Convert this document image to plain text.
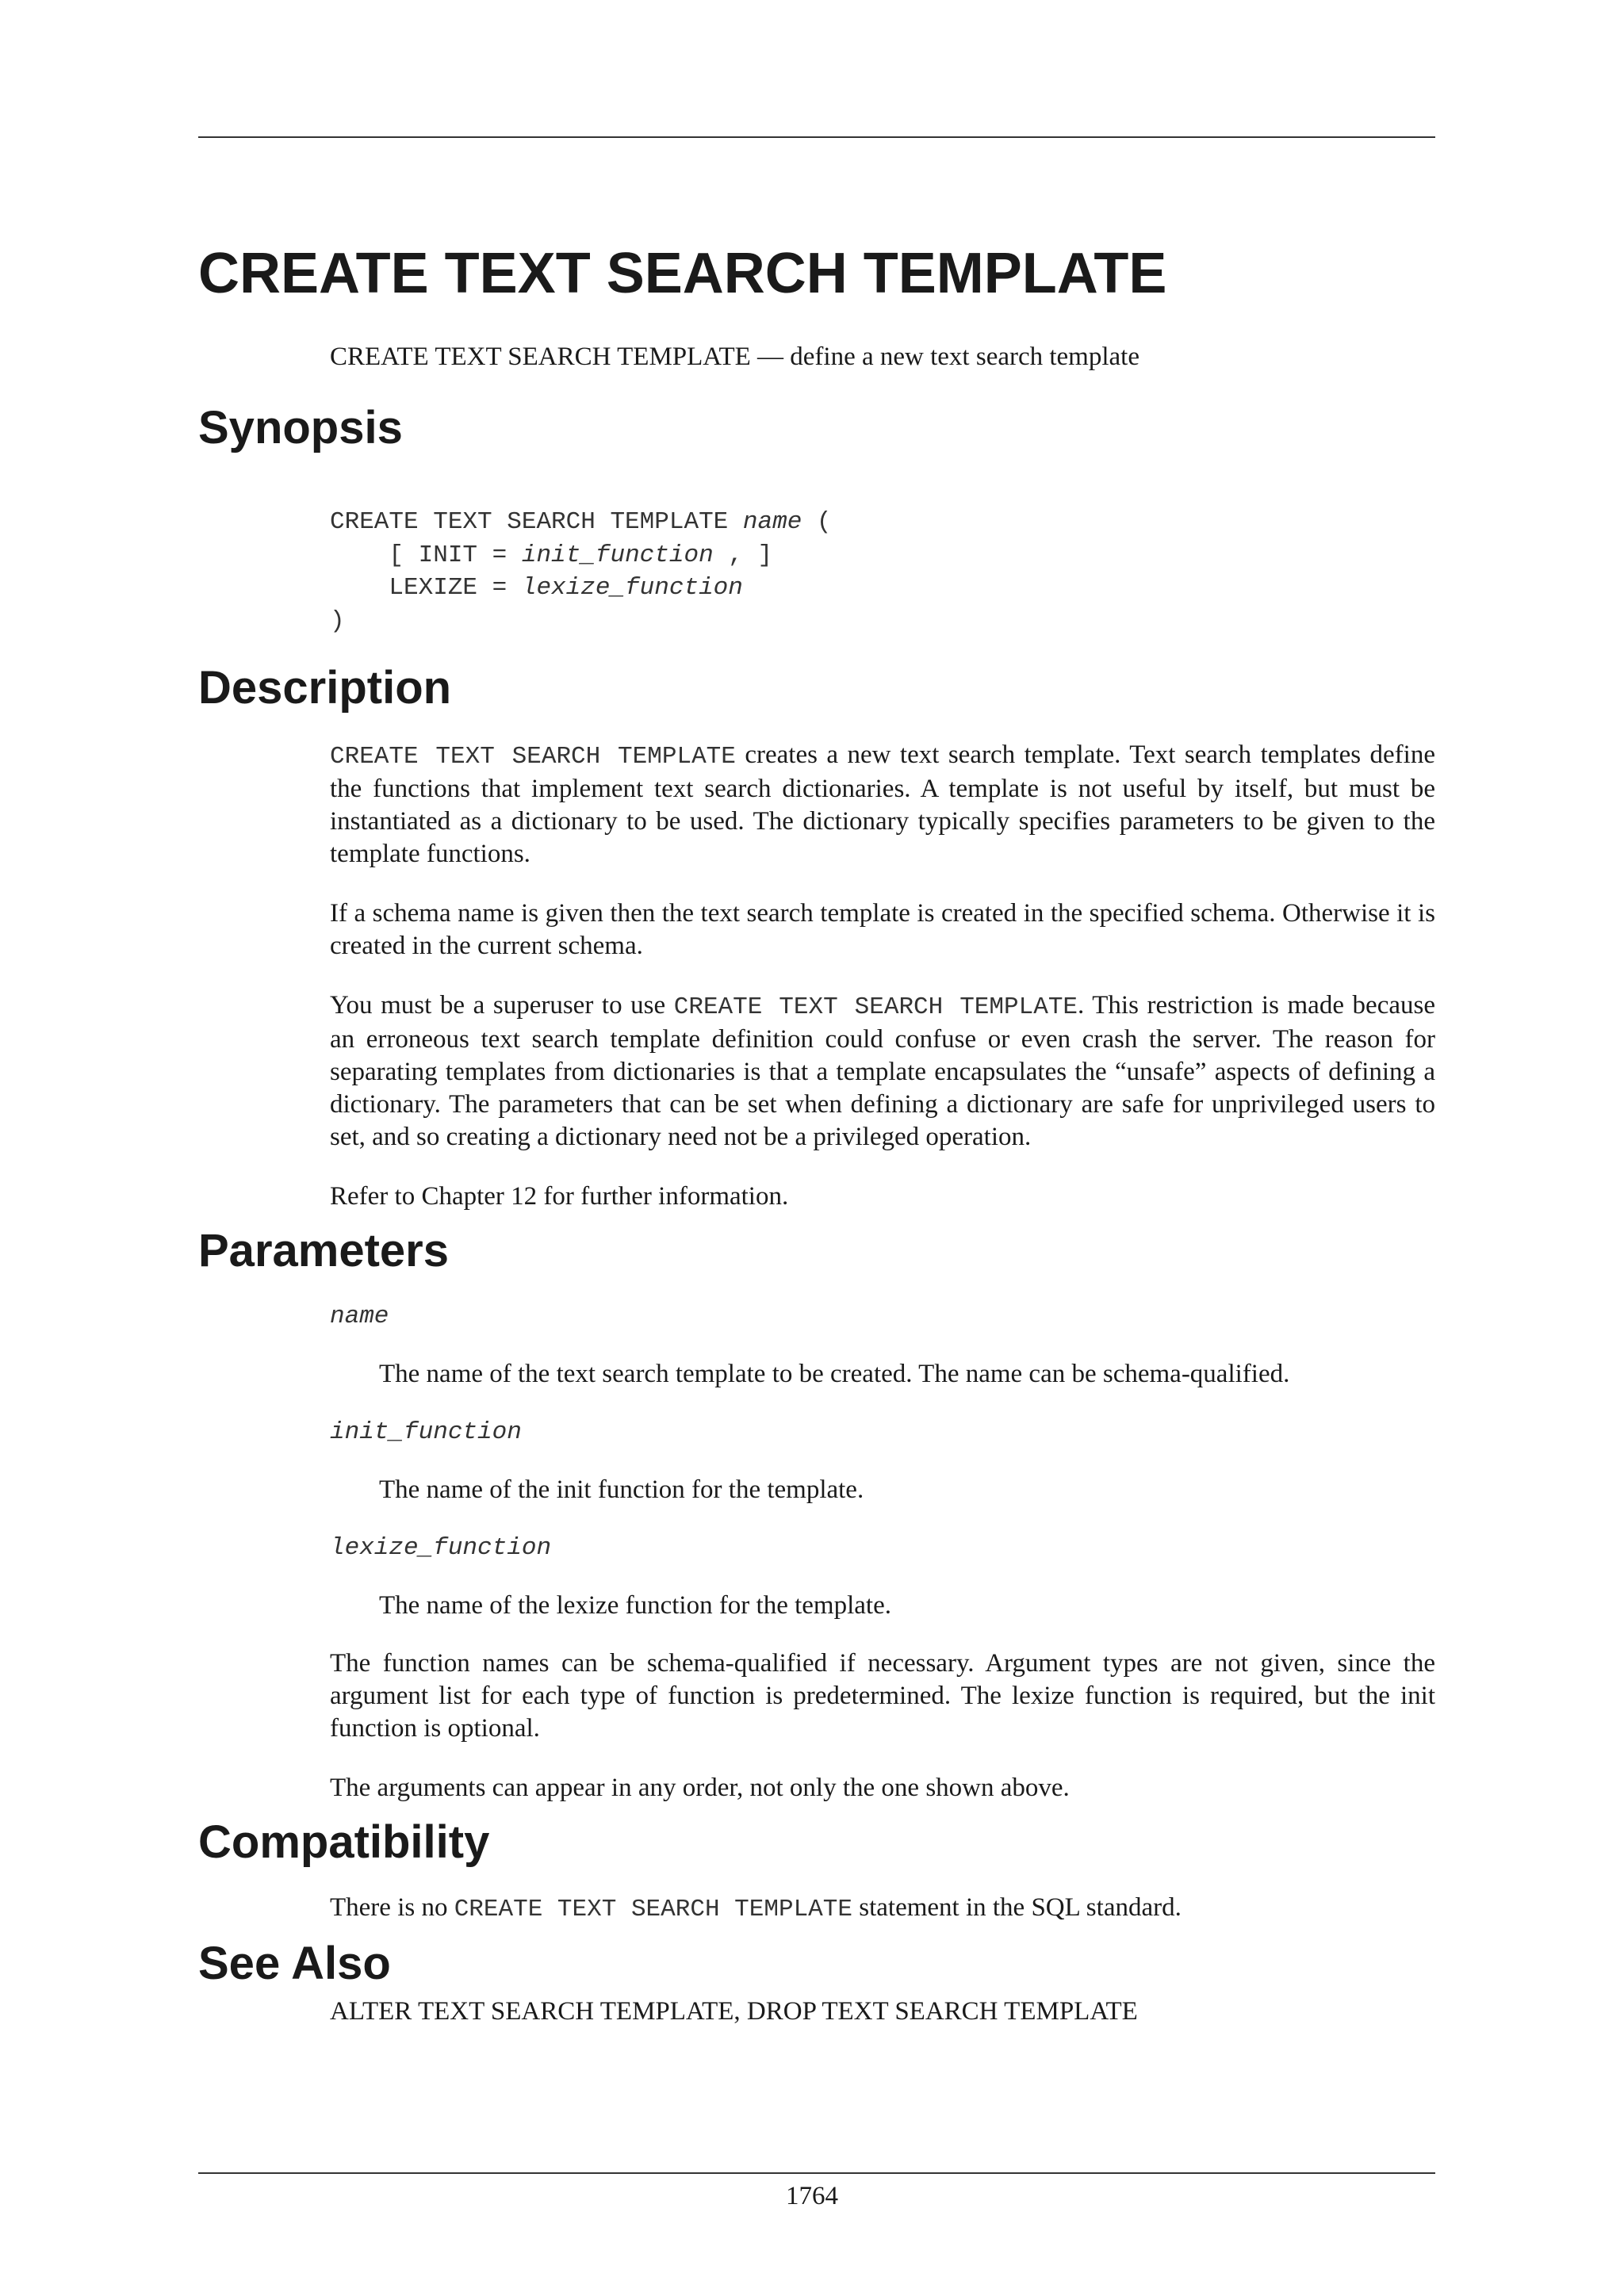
CREATE TEXT SEARCH TEMPLATE
CREATE TEXT SEARCH TEMPLATE — define a new text search template
Synopsis
CREATE TEXT SEARCH TEMPLATE name (
[ INIT = init_function , ]
LEXIZE = lexize_function
)
Description

CREATE TEXT SEARCH TEMPLATE creates a new text search template. Text search templates define the functions that implement text search dictionaries. A template is not useful by itself, but must be instantiated as a dictionary to be used. The dictionary typically specifies parameters to be given to the template functions.

If a schema name is given then the text search template is created in the specified schema. Otherwise it is created in the current schema.

You must be a superuser to use CREATE TEXT SEARCH TEMPLATE. This restriction is made because an erroneous text search template definition could confuse or even crash the server. The reason for separating templates from dictionaries is that a template encapsulates the “unsafe” aspects of defining a dictionary. The parameters that can be set when defining a dictionary are safe for unprivileged users to set, and so creating a dictionary need not be a privileged operation.

Refer to Chapter 12 for further information.

Parameters
name
The name of the text search template to be created. The name can be schema-qualified.
init_function
The name of the init function for the template.
lexize_function
The name of the lexize function for the template.

The function names can be schema-qualified if necessary. Argument types are not given, since the argument list for each type of function is predetermined. The lexize function is required, but the init function is optional.

The arguments can appear in any order, not only the one shown above.

Compatibility

There is no CREATE TEXT SEARCH TEMPLATE statement in the SQL standard.

See Also

ALTER TEXT SEARCH TEMPLATE, DROP TEXT SEARCH TEMPLATE

1764
